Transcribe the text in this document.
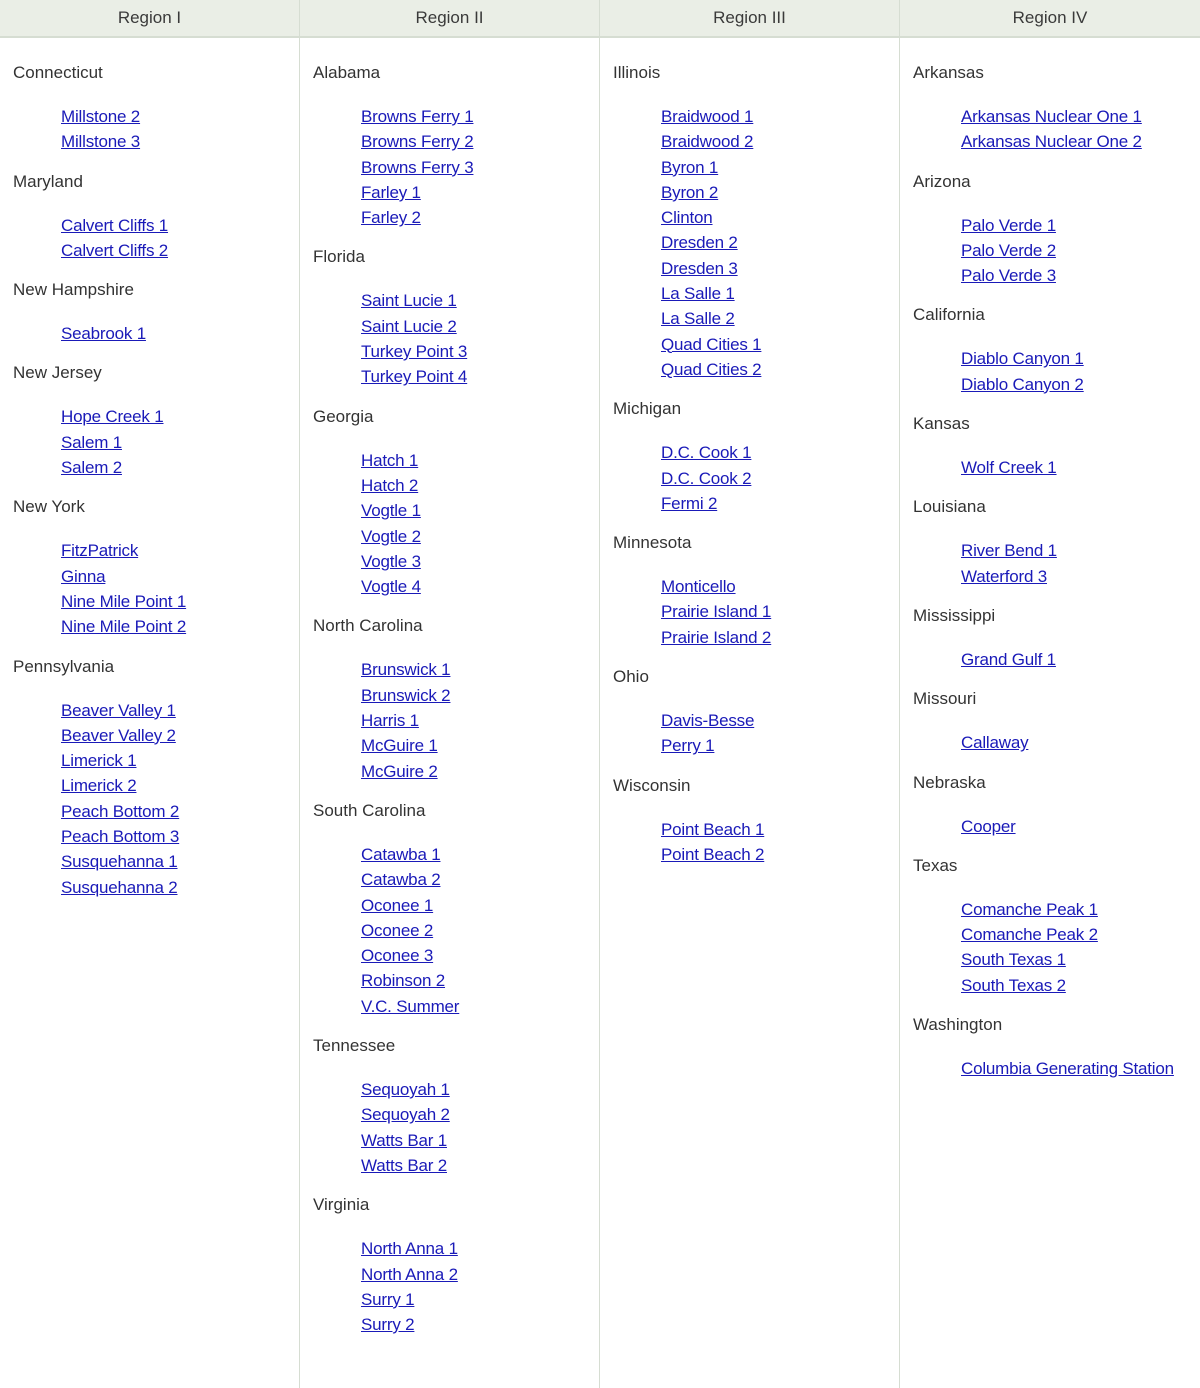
Region I
Connecticut
Millstone 2
Millstone 3
Maryland
Calvert Cliffs 1
Calvert Cliffs 2
New Hampshire
Seabrook 1
New Jersey
Hope Creek 1
Salem 1
Salem 2
New York
FitzPatrick
Ginna
Nine Mile Point 1
Nine Mile Point 2
Pennsylvania
Beaver Valley 1
Beaver Valley 2
Limerick 1
Limerick 2
Peach Bottom 2
Peach Bottom 3
Susquehanna 1
Susquehanna 2
Region II
Alabama
Browns Ferry 1
Browns Ferry 2
Browns Ferry 3
Farley 1
Farley 2
Florida
Saint Lucie 1
Saint Lucie 2
Turkey Point 3
Turkey Point 4
Georgia
Hatch 1
Hatch 2
Vogtle 1
Vogtle 2
Vogtle 3
Vogtle 4
North Carolina
Brunswick 1
Brunswick 2
Harris 1
McGuire 1
McGuire 2
South Carolina
Catawba 1
Catawba 2
Oconee 1
Oconee 2
Oconee 3
Robinson 2
V.C. Summer
Tennessee
Sequoyah 1
Sequoyah 2
Watts Bar 1
Watts Bar 2
Virginia
North Anna 1
North Anna 2
Surry 1
Surry 2
Region III
Illinois
Braidwood 1
Braidwood 2
Byron 1
Byron 2
Clinton
Dresden 2
Dresden 3
La Salle 1
La Salle 2
Quad Cities 1
Quad Cities 2
Michigan
D.C. Cook 1
D.C. Cook 2
Fermi 2
Minnesota
Monticello
Prairie Island 1
Prairie Island 2
Ohio
Davis-Besse
Perry 1
Wisconsin
Point Beach 1
Point Beach 2
Region IV
Arkansas
Arkansas Nuclear One 1
Arkansas Nuclear One 2
Arizona
Palo Verde 1
Palo Verde 2
Palo Verde 3
California
Diablo Canyon 1
Diablo Canyon 2
Kansas
Wolf Creek 1
Louisiana
River Bend 1
Waterford 3
Mississippi
Grand Gulf 1
Missouri
Callaway
Nebraska
Cooper
Texas
Comanche Peak 1
Comanche Peak 2
South Texas 1
South Texas 2
Washington
Columbia Generating Station
